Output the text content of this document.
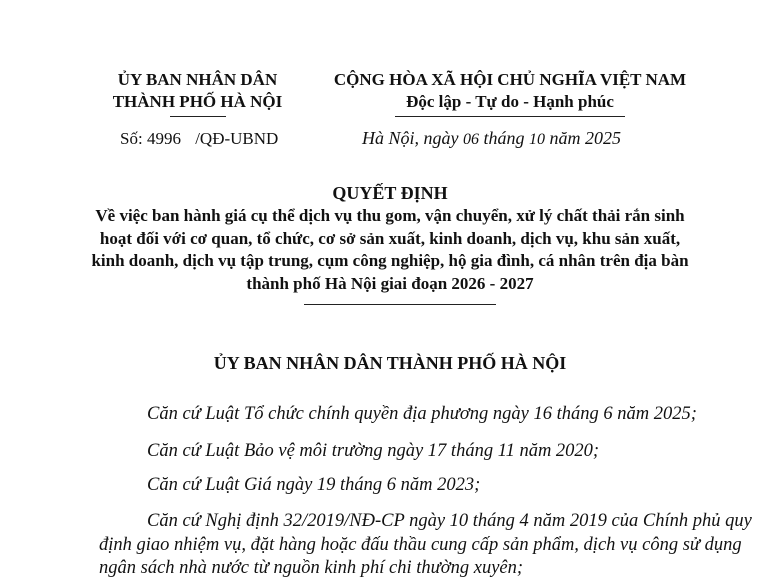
ỦY BAN NHÂN DÂN
THÀNH PHỐ HÀ NỘI
Số: 4996 /QĐ-UBND
CỘNG HÒA XÃ HỘI CHỦ NGHĨA VIỆT NAM
Độc lập - Tự do - Hạnh phúc
Hà Nội, ngày 06 tháng 10 năm 2025
QUYẾT ĐỊNH
Về việc ban hành giá cụ thể dịch vụ thu gom, vận chuyển, xử lý chất thải rắn sinh
hoạt đối với cơ quan, tổ chức, cơ sở sản xuất, kinh doanh, dịch vụ, khu sản xuất,
kinh doanh, dịch vụ tập trung, cụm công nghiệp, hộ gia đình, cá nhân trên địa bàn
thành phố Hà Nội giai đoạn 2026 - 2027
ỦY BAN NHÂN DÂN THÀNH PHỐ HÀ NỘI
Căn cứ Luật Tổ chức chính quyền địa phương ngày 16 tháng 6 năm 2025;
Căn cứ Luật Bảo vệ môi trường ngày 17 tháng 11 năm 2020;
Căn cứ Luật Giá ngày 19 tháng 6 năm 2023;
Căn cứ Nghị định 32/2019/NĐ-CP ngày 10 tháng 4 năm 2019 của Chính phủ quy
định giao nhiệm vụ, đặt hàng hoặc đấu thầu cung cấp sản phẩm, dịch vụ công sử dụng
ngân sách nhà nước từ nguồn kinh phí chi thường xuyên;
